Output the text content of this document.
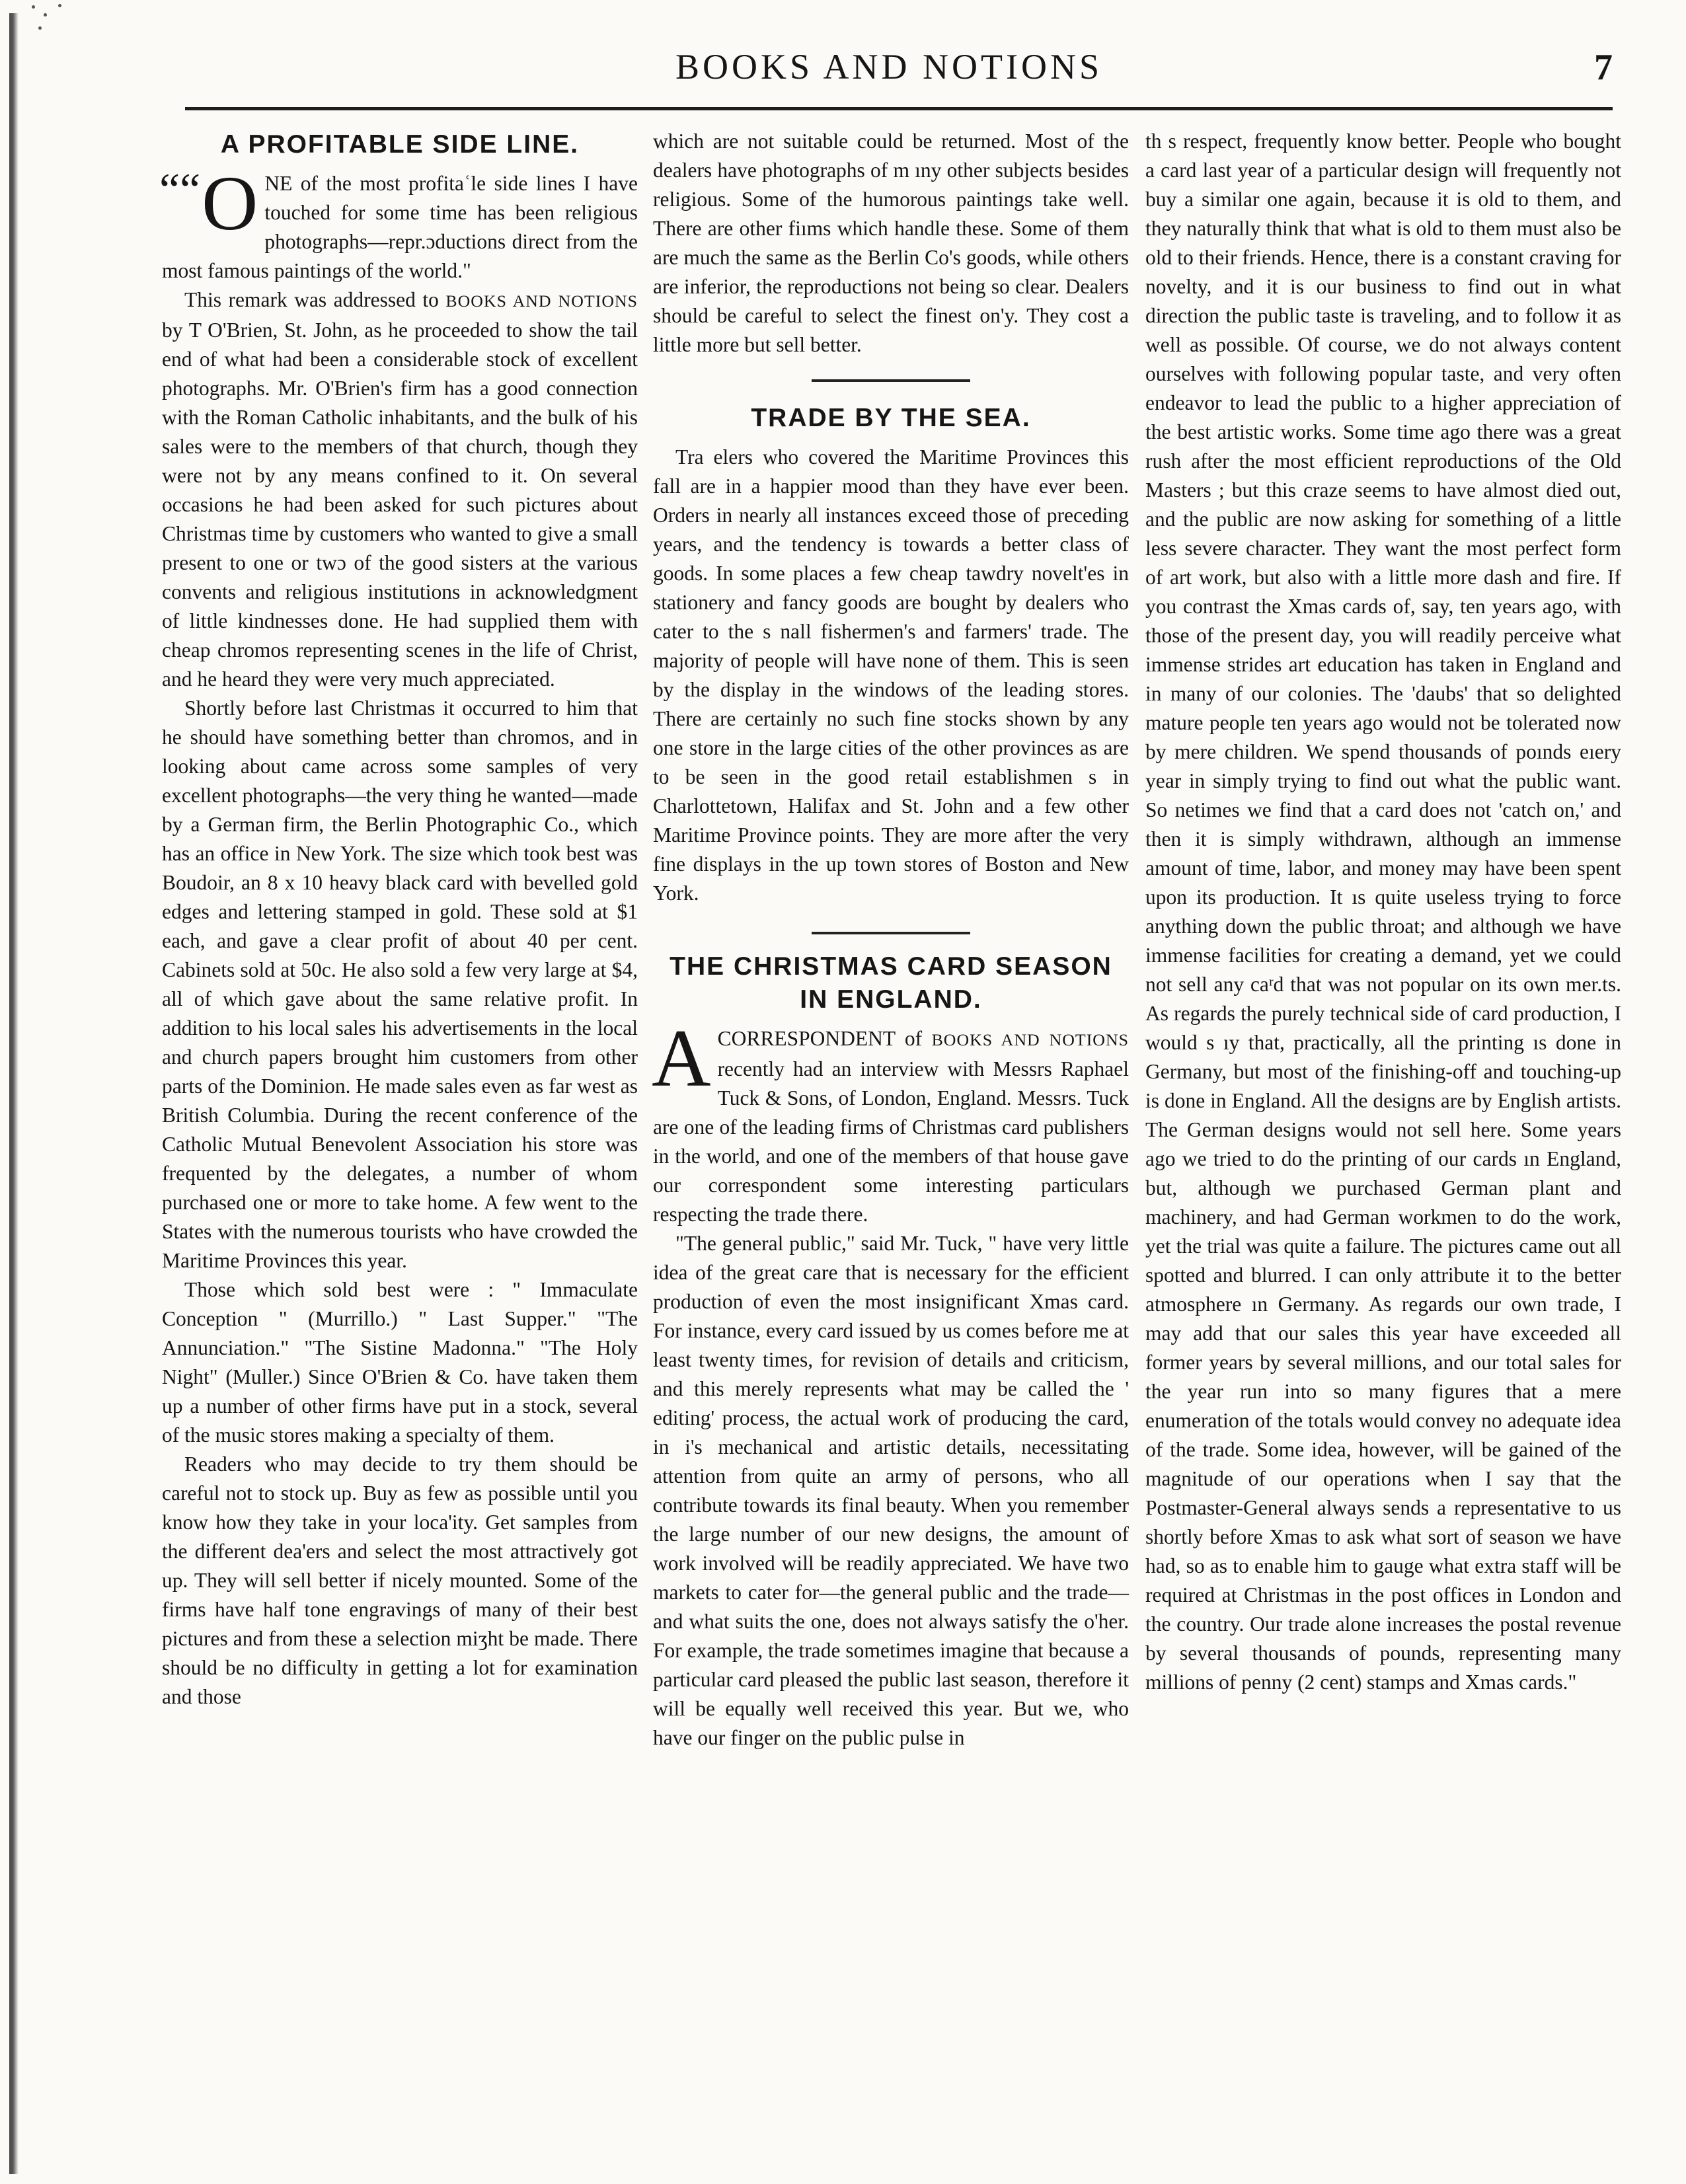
BOOKS AND NOTIONS	7
A PROFITABLE SIDE LINE.

““O NE of the most profitaʿle side lines I have touched for some time has been religious photographs—repr.ɔductions direct from the most famous paintings of the world."

This remark was addressed to BOOKS AND NOTIONS by T O'Brien, St. John, as he proceeded to show the tail end of what had been a considerable stock of excellent photographs. Mr. O'Brien's firm has a good connection with the Roman Catholic inhabitants, and the bulk of his sales were to the members of that church, though they were not by any means confined to it. On several occasions he had been asked for such pictures about Christmas time by customers who wanted to give a small present to one or twɔ of the good sisters at the various convents and religious institutions in acknowledgment of little kindnesses done. He had supplied them with cheap chromos representing scenes in the life of Christ, and he heard they were very much appreciated.

Shortly before last Christmas it occurred to him that he should have something better than chromos, and in looking about came across some samples of very excellent photographs—the very thing he wanted—made by a German firm, the Berlin Photographic Co., which has an office in New York. The size which took best was Boudoir, an 8 x 10 heavy black card with bevelled gold edges and lettering stamped in gold. These sold at $1 each, and gave a clear profit of about 40 per cent. Cabinets sold at 50c. He also sold a few very large at $4, all of which gave about the same relative profit. In addition to his local sales his advertisements in the local and church papers brought him customers from other parts of the Dominion. He made sales even as far west as British Columbia. During the recent conference of the Catholic Mutual Benevolent Association his store was frequented by the delegates, a number of whom purchased one or more to take home. A few went to the States with the numerous tourists who have crowded the Maritime Provinces this year.

Those which sold best were : " Immaculate Conception " (Murrillo.) " Last Supper." "The Annunciation." "The Sistine Madonna." "The Holy Night" (Muller.) Since O'Brien & Co. have taken them up a number of other firms have put in a stock, several of the music stores making a specialty of them.

Readers who may decide to try them should be careful not to stock up. Buy as few as possible until you know how they take in your loca'ity. Get samples from the different dea'ers and select the most attractively got up. They will sell better if nicely mounted. Some of the firms have half tone engravings of many of their best pictures and from these a selection miʒht be made. There should be no difficulty in getting a lot for examination and those

which are not suitable could be returned. Most of the dealers have photographs of m ıny other subjects besides religious. Some of the humorous paintings take well. There are other fiıms which handle these. Some of them are much the same as the Berlin Co's goods, while others are inferior, the reproductions not being so clear. Dealers should be careful to select the finest on'y. They cost a little more but sell better.

TRADE BY THE SEA.

Tra elers who covered the Maritime Provinces this fall are in a happier mood than they have ever been. Orders in nearly all instances exceed those of preceding years, and the tendency is towards a better class of goods. In some places a few cheap tawdry novelt'es in stationery and fancy goods are bought by dealers who cater to the s nall fishermen's and farmers' trade. The majority of people will have none of them. This is seen by the display in the windows of the leading stores. There are certainly no such fine stocks shown by any one store in the large cities of the other provinces as are to be seen in the good retail establishmen s in Charlottetown, Halifax and St. John and a few other Maritime Province points. They are more after the very fine displays in the up town stores of Boston and New York.

THE CHRISTMAS CARD SEASON IN ENGLAND.

ACORRESPONDENT of BOOKS AND NOTIONS recently had an interview with Messrs Raphael Tuck & Sons, of London, England. Messrs. Tuck are one of the leading firms of Christmas card publishers in the world, and one of the members of that house gave our correspondent some interesting particulars respecting the trade there.

"The general public," said Mr. Tuck, " have very little idea of the great care that is necessary for the efficient production of even the most insignificant Xmas card. For instance, every card issued by us comes before me at least twenty times, for revision of details and criticism, and this merely represents what may be called the ' editing' process, the actual work of producing the card, in i's mechanical and artistic details, necessitating attention from quite an army of persons, who all contribute towards its final beauty. When you remember the large number of our new designs, the amount of work involved will be readily appreciated. We have two markets to cater for—the general public and the trade—and what suits the one, does not always satisfy the o'her. For example, the trade sometimes imagine that because a particular card pleased the public last season, therefore it will be equally well received this year. But we, who have our finger on the public pulse in

th s respect, frequently know better. People who bought a card last year of a particular design will frequently not buy a similar one again, because it is old to them, and they naturally think that what is old to them must also be old to their friends. Hence, there is a constant craving for novelty, and it is our business to find out in what direction the public taste is traveling, and to follow it as well as possible. Of course, we do not always content ourselves with following popular taste, and very often endeavor to lead the public to a higher appreciation of the best artistic works. Some time ago there was a great rush after the most efficient reproductions of the Old Masters ; but this craze seems to have almost died out, and the public are now asking for something of a little less severe character. They want the most perfect form of art work, but also with a little more dash and fire. If you contrast the Xmas cards of, say, ten years ago, with those of the present day, you will readily perceive what immense strides art education has taken in England and in many of our colonies. The 'daubs' that so delighted mature people ten years ago would not be tolerated now by mere children. We spend thousands of poınds eıery year in simply trying to find out what the public want. So netimes we find that a card does not 'catch on,' and then it is simply withdrawn, although an immense amount of time, labor, and money may have been spent upon its production. It ıs quite useless trying to force anything down the public throat; and although we have immense facilities for creating a demand, yet we could not sell any caʳd that was not popular on its own mer.ts. As regards the purely technical side of card production, I would s ıy that, practically, all the printing ıs done in Germany, but most of the finishing-off and touching-up is done in England. All the designs are by English artists. The German designs would not sell here. Some years ago we tried to do the printing of our cards ın England, but, although we purchased German plant and machinery, and had German workmen to do the work, yet the trial was quite a failure. The pictures came out all spotted and blurred. I can only attribute it to the better atmosphere ın Germany. As regards our own trade, I may add that our sales this year have exceeded all former years by several millions, and our total sales for the year run into so many figures that a mere enumeration of the totals would convey no adequate idea of the trade. Some idea, however, will be gained of the magnitude of our operations when I say that the Postmaster-General always sends a representative to us shortly before Xmas to ask what sort of season we have had, so as to enable him to gauge what extra staff will be required at Christmas in the post offices in London and the country. Our trade alone increases the postal revenue by several thousands of pounds, representing many millions of penny (2 cent) stamps and Xmas cards."
